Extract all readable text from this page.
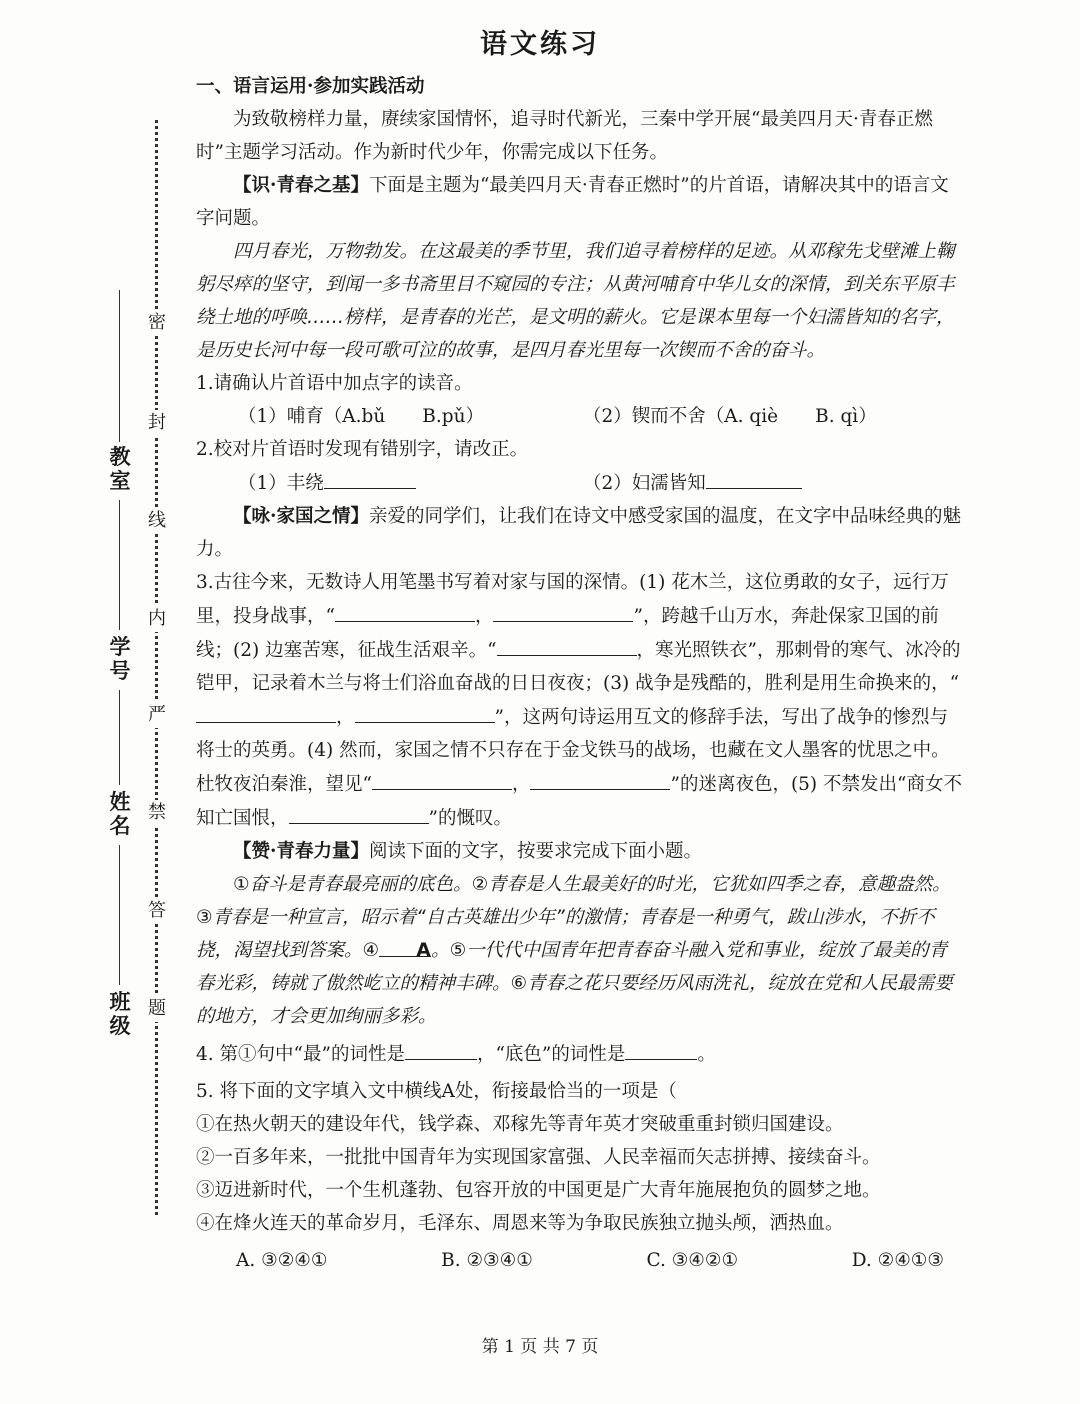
密
封
线
内
严
禁
答
题
教室
学号
姓名
班级
语文练习

一、语言运用·参加实践活动

为致敬榜样力量，赓续家国情怀，追寻时代新光，三秦中学开展“最美四月天·青春正燃时”主题学习活动。作为新时代少年，你需完成以下任务。

【识·青春之基】下面是主题为“最美四月天·青春正燃时”的片首语，请解决其中的语言文字问题。

四月春光，万物勃发。在这最美的季节里，我们追寻着榜样的足迹。从邓稼先戈壁滩上鞠躬尽瘁的坚守，到闻一多书斋里目不窥园的专注；从黄河哺育中华儿女的深情，到关东平原丰绕土地的呼唤……榜样，是青春的光芒，是文明的薪火。它是课本里每一个妇濡皆知的名字，是历史长河中每一段可歌可泣的故事，是四月春光里每一次锲而不舍的奋斗。

1.请确认片首语中加点字的读音。

（1）哺育（A.bǔ　　B.pǔ）	（2）锲而不舍（A. qiè　　B. qì）

2.校对片首语时发现有错别字，请改正。

（1）丰绕	（2）妇濡皆知

【咏·家国之情】亲爱的同学们，让我们在诗文中感受家国的温度，在文字中品味经典的魅力。

3.古往今来，无数诗人用笔墨书写着对家与国的深情。(1) 花木兰，这位勇敢的女子，远行万里，投身战事，“	，	”，跨越千山万水，奔赴保家卫国的前线；(2) 边塞苦寒，征战生活艰辛。“	，寒光照铁衣”，那刺骨的寒气、冰冷的铠甲，记录着木兰与将士们浴血奋战的日日夜夜；(3) 战争是残酷的，胜利是用生命换来的，“，	”，这两句诗运用互文的修辞手法，写出了战争的惨烈与将士的英勇。(4) 然而，家国之情不只存在于金戈铁马的战场，也藏在文人墨客的忧思之中。杜牧夜泊秦淮，望见“	，	”的迷离夜色，(5) 不禁发出“商女不知亡国恨，	”的慨叹。

【赞·青春力量】阅读下面的文字，按要求完成下面小题。

①奋斗是青春最亮丽的底色。②青春是人生最美好的时光，它犹如四季之春，意趣盎然。③青春是一种宣言，昭示着“自古英雄出少年”的激情；青春是一种勇气，跋山涉水，不折不挠，渴望找到答案。④ A。⑤一代代中国青年把青春奋斗融入党和事业，绽放了最美的青春光彩，铸就了傲然屹立的精神丰碑。⑥青春之花只要经历风雨洗礼，绽放在党和人民最需要的地方，才会更加绚丽多彩。

4. 第①句中“最”的词性是	，“底色”的词性是	。

5. 将下面的文字填入文中横线A处，衔接最恰当的一项是（

①在热火朝天的建设年代，钱学森、邓稼先等青年英才突破重重封锁归国建设。

②一百多年来，一批批中国青年为实现国家富强、人民幸福而矢志拼搏、接续奋斗。

③迈进新时代，一个生机蓬勃、包容开放的中国更是广大青年施展抱负的圆梦之地。

④在烽火连天的革命岁月，毛泽东、周恩来等为争取民族独立抛头颅，洒热血。

A. ③②④①	B. ②③④①	C. ③④②①	D. ②④①③
第 1 页 共 7 页
